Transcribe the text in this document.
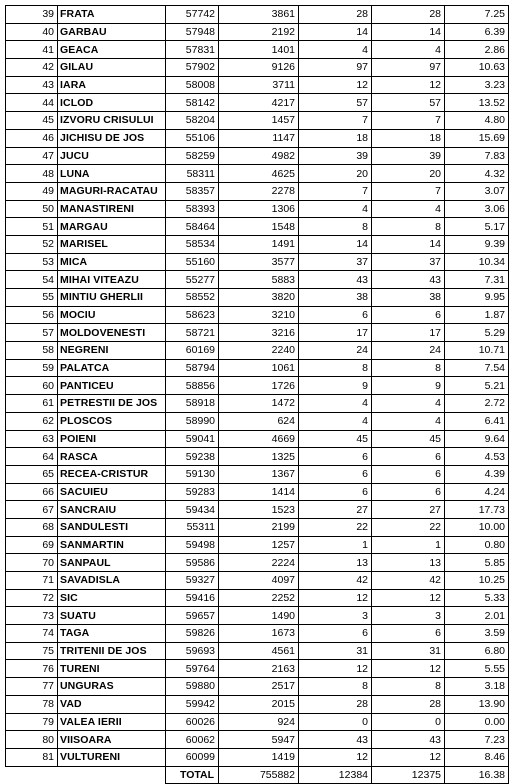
39	FRATA	57742	3861	28	28	7.25
40	GARBAU	57948	2192	14	14	6.39
41	GEACA	57831	1401	4	4	2.86
42	GILAU	57902	9126	97	97	10.63
43	IARA	58008	3711	12	12	3.23
44	ICLOD	58142	4217	57	57	13.52
45	IZVORU CRISULUI	58204	1457	7	7	4.80
46	JICHISU DE JOS	55106	1147	18	18	15.69
47	JUCU	58259	4982	39	39	7.83
48	LUNA	58311	4625	20	20	4.32
49	MAGURI-RACATAU	58357	2278	7	7	3.07
50	MANASTIRENI	58393	1306	4	4	3.06
51	MARGAU	58464	1548	8	8	5.17
52	MARISEL	58534	1491	14	14	9.39
53	MICA	55160	3577	37	37	10.34
54	MIHAI VITEAZU	55277	5883	43	43	7.31
55	MINTIU GHERLII	58552	3820	38	38	9.95
56	MOCIU	58623	3210	6	6	1.87
57	MOLDOVENESTI	58721	3216	17	17	5.29
58	NEGRENI	60169	2240	24	24	10.71
59	PALATCA	58794	1061	8	8	7.54
60	PANTICEU	58856	1726	9	9	5.21
61	PETRESTII DE JOS	58918	1472	4	4	2.72
62	PLOSCOS	58990	624	4	4	6.41
63	POIENI	59041	4669	45	45	9.64
64	RASCA	59238	1325	6	6	4.53
65	RECEA-CRISTUR	59130	1367	6	6	4.39
66	SACUIEU	59283	1414	6	6	4.24
67	SANCRAIU	59434	1523	27	27	17.73
68	SANDULESTI	55311	2199	22	22	10.00
69	SANMARTIN	59498	1257	1	1	0.80
70	SANPAUL	59586	2224	13	13	5.85
71	SAVADISLA	59327	4097	42	42	10.25
72	SIC	59416	2252	12	12	5.33
73	SUATU	59657	1490	3	3	2.01
74	TAGA	59826	1673	6	6	3.59
75	TRITENII DE JOS	59693	4561	31	31	6.80
76	TURENI	59764	2163	12	12	5.55
77	UNGURAS	59880	2517	8	8	3.18
78	VAD	59942	2015	28	28	13.90
79	VALEA IERII	60026	924	0	0	0.00
80	VIISOARA	60062	5947	43	43	7.23
81	VULTURENI	60099	1419	12	12	8.46
		TOTAL	755882	12384	12375	16.38
